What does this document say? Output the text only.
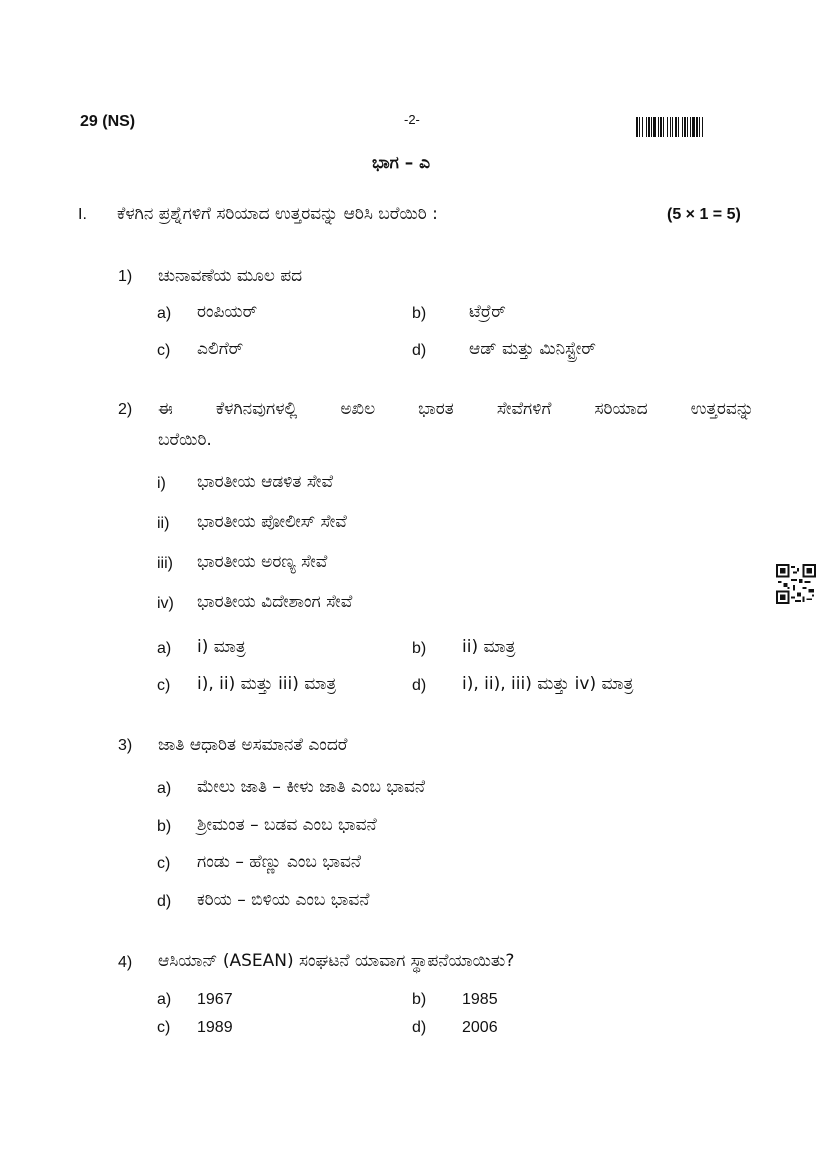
29 (NS)	-2-
ಭಾಗ – ಎ
I. ಕೆಳಗಿನ ಪ್ರಶ್ನೆಗಳಿಗೆ ಸರಿಯಾದ ಉತ್ತರವನ್ನು ಆರಿಸಿ ಬರೆಯಿರಿ :	(5 × 1 = 5)
1) ಚುನಾವಣೆಯ ಮೂಲ ಪದ
a) ರಂಪಿಯರ್	b)	ಟೆರ್ರೆರ್
c) ಎಲಿಗೆರ್	d)	ಆಡ್ ಮತ್ತು ಮಿನಿಸ್ಟ್ರೇರ್
2) ಈ ಕೆಳಗಿನವುಗಳಲ್ಲಿ ಅಖಿಲ ಭಾರತ ಸೇವೆಗಳಿಗೆ ಸರಿಯಾದ ಉತ್ತರವನ್ನು
ಬರೆಯಿರಿ.
i) ಭಾರತೀಯ ಆಡಳಿತ ಸೇವೆ
ii) ಭಾರತೀಯ ಪೋಲೀಸ್ ಸೇವೆ
iii) ಭಾರತೀಯ ಅರಣ್ಯ ಸೇವೆ
iv) ಭಾರತೀಯ ವಿದೇಶಾಂಗ ಸೇವೆ
a) i) ಮಾತ್ರ	b) ii) ಮಾತ್ರ
c) i), ii) ಮತ್ತು iii) ಮಾತ್ರ	d) i), ii), iii) ಮತ್ತು iv) ಮಾತ್ರ
3) ಜಾತಿ ಆಧಾರಿತ ಅಸಮಾನತೆ ಎಂದರೆ
a) ಮೇಲು ಜಾತಿ – ಕೀಳು ಜಾತಿ ಎಂಬ ಭಾವನೆ
b) ಶ್ರೀಮಂತ – ಬಡವ ಎಂಬ ಭಾವನೆ
c) ಗಂಡು – ಹೆಣ್ಣು ಎಂಬ ಭಾವನೆ
d) ಕರಿಯ – ಬಿಳಿಯ ಎಂಬ ಭಾವನೆ
4) ಆಸಿಯಾನ್ (ASEAN) ಸಂಘಟನೆ ಯಾವಾಗ ಸ್ಥಾಪನೆಯಾಯಿತು?
a) 1967	b) 1985
c) 1989	d) 2006
